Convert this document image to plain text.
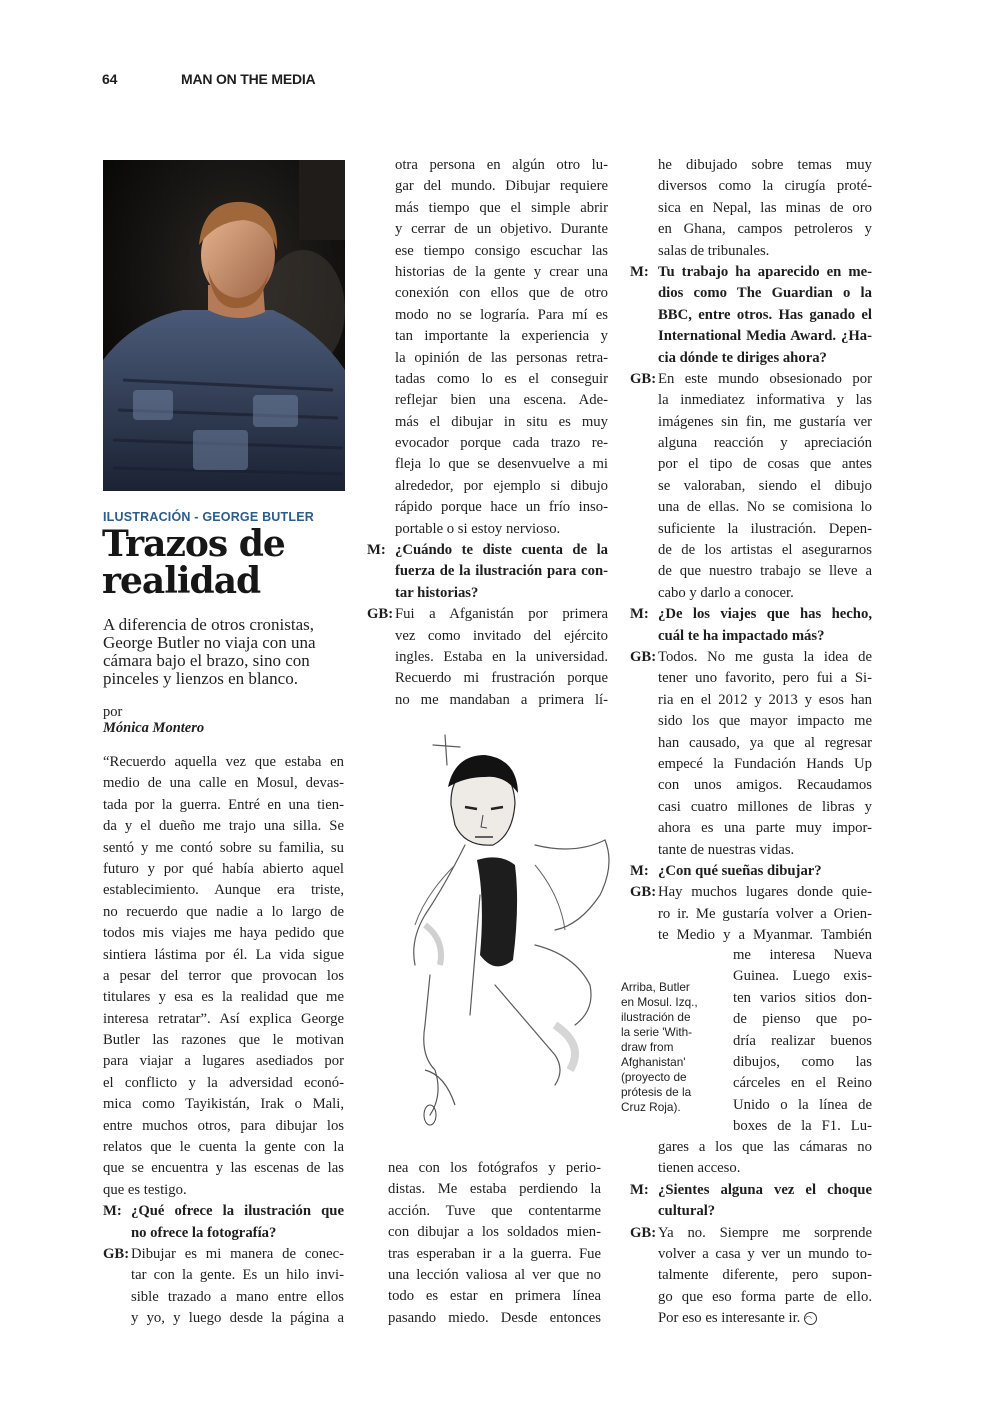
64	MAN ON THE MEDIA
ILUSTRACIÓN - GEORGE BUTLER
Trazos de
realidad
A diferencia de otros cronistas,
George Butler no viaja con una
cámara bajo el brazo, sino con
pinceles y lienzos en blanco.
por
Mónica Montero
“Recuerdo aquella vez que estaba en
medio de una calle en Mosul, devas-
tada por la guerra. Entré en una tien-
da y el dueño me trajo una silla. Se
sentó y me contó sobre su familia, su
futuro y por qué había abierto aquel
establecimiento. Aunque era triste,
no recuerdo que nadie a lo largo de
todos mis viajes me haya pedido que
sintiera lástima por él. La vida sigue
a pesar del terror que provocan los
titulares y esa es la realidad que me
interesa retratar”. Así explica George
Butler las razones que le motivan
para viajar a lugares asediados por
el conflicto y la adversidad econó-
mica como Tayikistán, Irak o Mali,
entre muchos otros, para dibujar los
relatos que le cuenta la gente con la
que se encuentra y las escenas de las
que es testigo.
M: ¿Qué ofrece la ilustración que
no ofrece la fotografía?
GB: Dibujar es mi manera de conec-
tar con la gente. Es un hilo invi-
sible trazado a mano entre ellos
y yo, y luego desde la página a
otra persona en algún otro lu-
gar del mundo. Dibujar requiere
más tiempo que el simple abrir
y cerrar de un objetivo. Durante
ese tiempo consigo escuchar las
historias de la gente y crear una
conexión con ellos que de otro
modo no se lograría. Para mí es
tan importante la experiencia y
la opinión de las personas retra-
tadas como lo es el conseguir
reflejar bien una escena. Ade-
más el dibujar in situ es muy
evocador porque cada trazo re-
fleja lo que se desenvuelve a mi
alrededor, por ejemplo si dibujo
rápido porque hace un frío inso-
portable o si estoy nervioso.
M: ¿Cuándo te diste cuenta de la
fuerza de la ilustración para con-
tar historias?
GB: Fui a Afganistán por primera
vez como invitado del ejército
ingles. Estaba en la universidad.
Recuerdo mi frustración porque
no me mandaban a primera lí-
nea con los fotógrafos y perio-
distas. Me estaba perdiendo la
acción. Tuve que contentarme
con dibujar a los soldados mien-
tras esperaban ir a la guerra. Fue
una lección valiosa al ver que no
todo es estar en primera línea
pasando miedo. Desde entonces
he dibujado sobre temas muy
diversos como la cirugía proté-
sica en Nepal, las minas de oro
en Ghana, campos petroleros y
salas de tribunales.
M: Tu trabajo ha aparecido en me-
dios como The Guardian o la
BBC, entre otros. Has ganado el
International Media Award. ¿Ha-
cia dónde te diriges ahora?
GB: En este mundo obsesionado por
la inmediatez informativa y las
imágenes sin fin, me gustaría ver
alguna reacción y apreciación
por el tipo de cosas que antes
se valoraban, siendo el dibujo
una de ellas. No se comisiona lo
suficiente la ilustración. Depen-
de de los artistas el asegurarnos
de que nuestro trabajo se lleve a
cabo y darlo a conocer.
M: ¿De los viajes que has hecho,
cuál te ha impactado más?
GB: Todos. No me gusta la idea de
tener uno favorito, pero fui a Si-
ria en el 2012 y 2013 y esos han
sido los que mayor impacto me
han causado, ya que al regresar
empecé la Fundación Hands Up
con unos amigos. Recaudamos
casi cuatro millones de libras y
ahora es una parte muy impor-
tante de nuestras vidas.
M: ¿Con qué sueñas dibujar?
GB: Hay muchos lugares donde quie-
ro ir. Me gustaría volver a Orien-
te Medio y a Myanmar. También
me interesa Nueva
Guinea. Luego exis-
ten varios sitios don-
de pienso que po-
dría realizar buenos
dibujos, como las
cárceles en el Reino
Unido o la línea de
boxes de la F1. Lu-
gares a los que las cámaras no
tienen acceso.
M: ¿Sientes alguna vez el choque
cultural?
GB: Ya no. Siempre me sorprende
volver a casa y ver un mundo to-
talmente diferente, pero supon-
go que eso forma parte de ello.
Por eso es interesante ir. ◠
Arriba, Butler
en Mosul. Izq.,
ilustración de
la serie 'With-
draw from
Afghanistan'
(proyecto de
prótesis de la
Cruz Roja).
